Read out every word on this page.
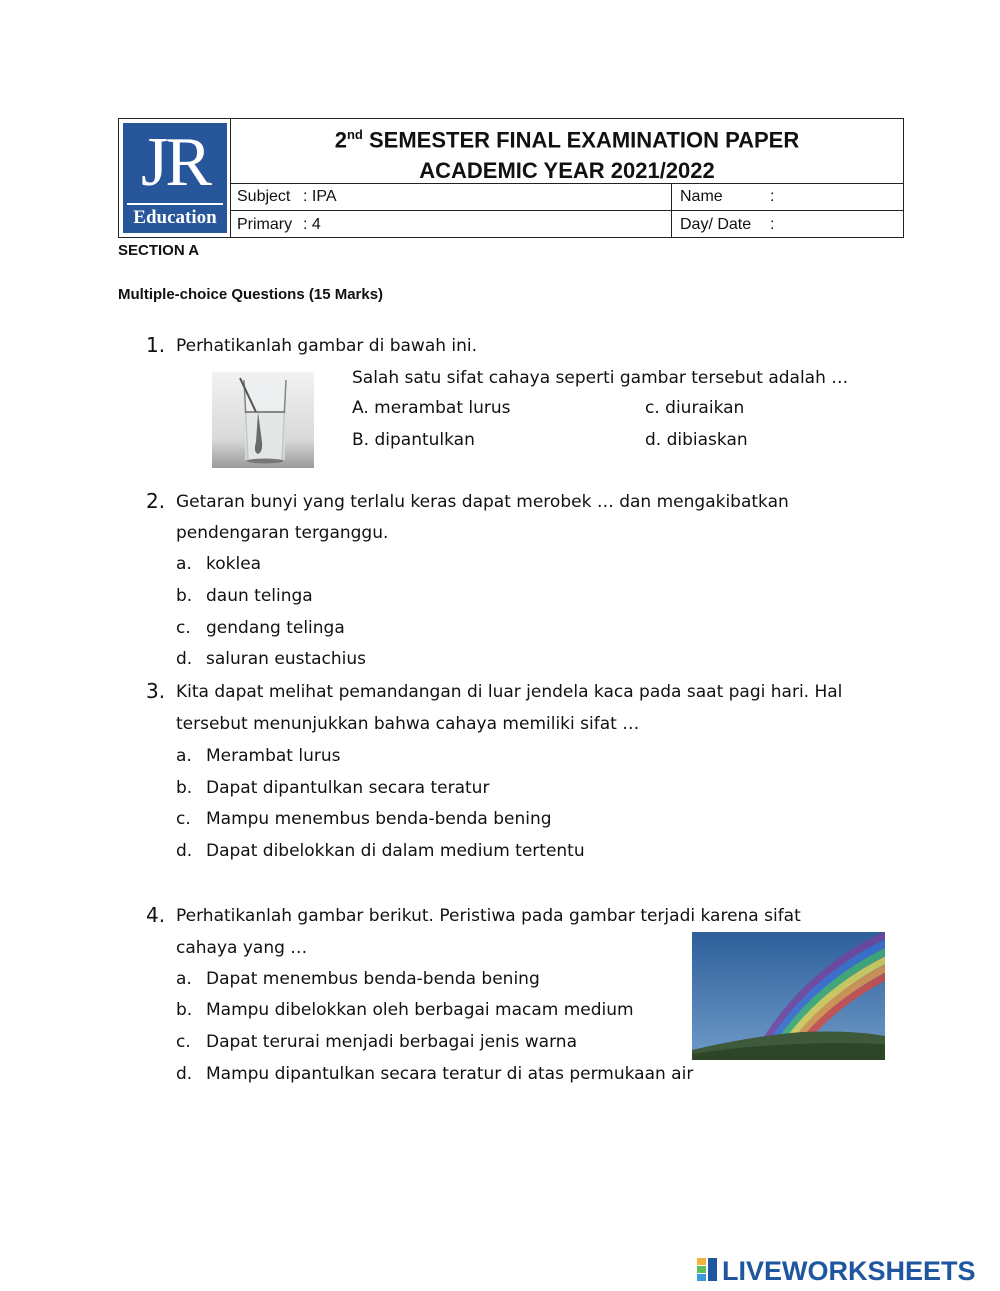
JR
Education
2nd SEMESTER FINAL EXAMINATION PAPER
ACADEMIC YEAR 2021/2022
Subject : IPA	Name	:
Primary : 4	Day/ Date :
SECTION A
Multiple-choice Questions (15 Marks)
1. Perhatikanlah gambar di bawah ini.
Salah satu sifat cahaya seperti gambar tersebut adalah …
A. merambat lurus	c. diuraikan
B. dipantulkan	d. dibiaskan
2. Getaran bunyi yang terlalu keras dapat merobek … dan mengakibatkan
pendengaran terganggu.
a. koklea
b. daun telinga
c. gendang telinga
d. saluran eustachius
3. Kita dapat melihat pemandangan di luar jendela kaca pada saat pagi hari. Hal
tersebut menunjukkan bahwa cahaya memiliki sifat …
a. Merambat lurus
b. Dapat dipantulkan secara teratur
c. Mampu menembus benda-benda bening
d. Dapat dibelokkan di dalam medium tertentu
4. Perhatikanlah gambar berikut. Peristiwa pada gambar terjadi karena sifat
cahaya yang …
a. Dapat menembus benda-benda bening
b. Mampu dibelokkan oleh berbagai macam medium
c. Dapat terurai menjadi berbagai jenis warna
d. Mampu dipantulkan secara teratur di atas permukaan air
LIVEWORKSHEETS
